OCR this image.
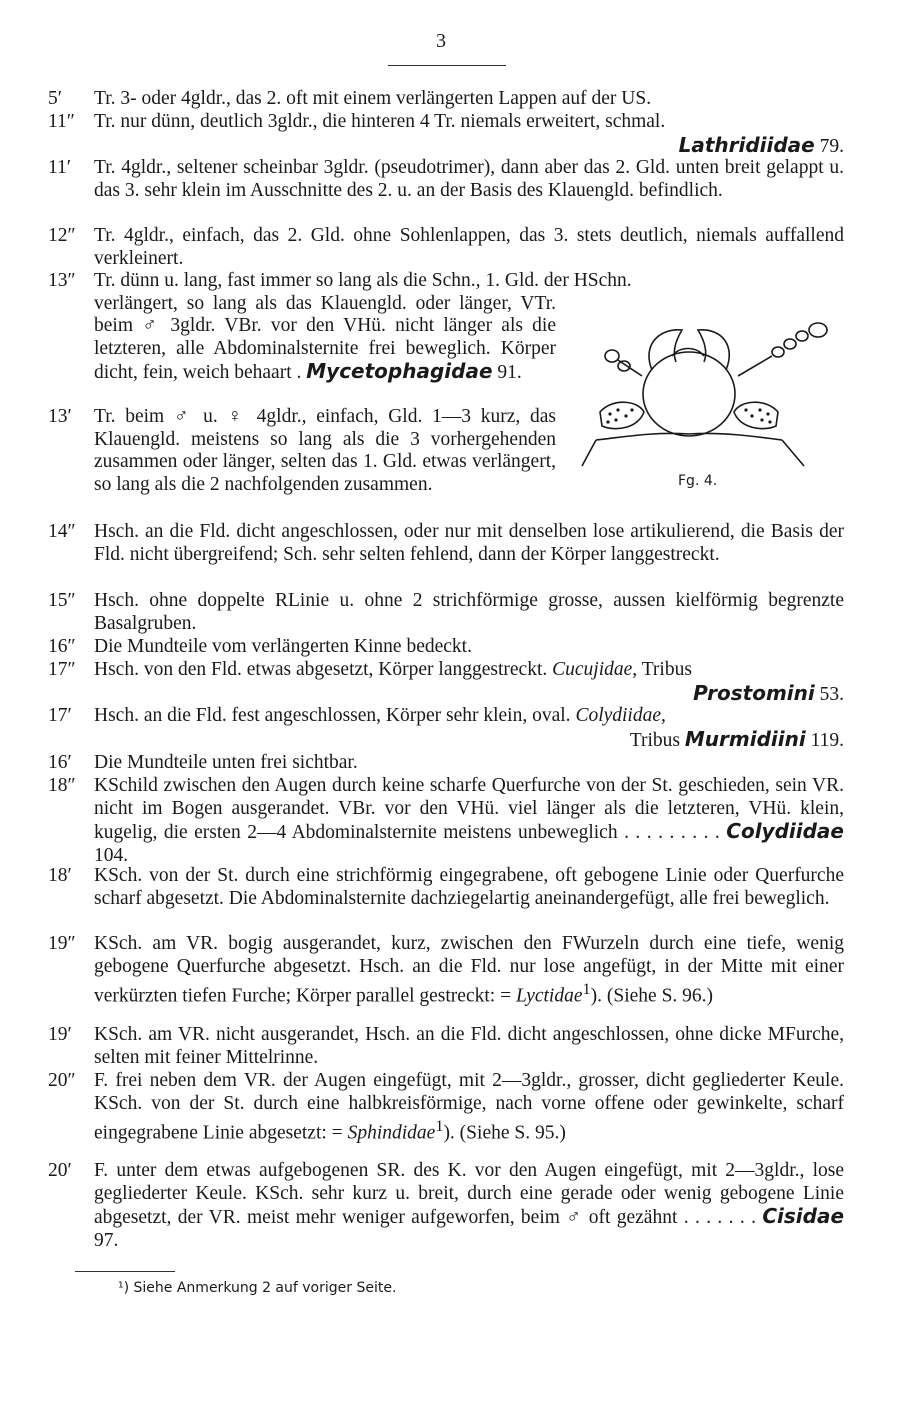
3
5′	Tr. 3- oder 4gldr., das 2. oft mit einem verlängerten Lappen auf der US.
11″ Tr. nur dünn, deutlich 3gldr., die hinteren 4 Tr. niemals erweitert, schmal.

Lathridiidae 79.

11′	Tr. 4gldr., seltener scheinbar 3gldr. (pseudotrimer), dann aber das 2. Gld. unten breit gelappt u. das 3. sehr klein im Ausschnitte des 2. u. an der Basis des Klauengld. befindlich.
12″ Tr. 4gldr., einfach, das 2. Gld. ohne Sohlenlappen, das 3. stets deutlich, niemals auffallend verkleinert.
13″ Tr. dünn u. lang, fast immer so lang als die Schn., 1. Gld. der HSchn.
verlängert, so lang als das Klauengld. oder länger, VTr. beim ♂ 3gldr. VBr. vor den VHü. nicht länger als die letzteren, alle Abdominalsternite frei beweglich. Körper dicht, fein, weich behaart . Mycetophagidae 91.
13′	Tr. beim ♂ u. ♀ 4gldr., einfach, Gld. 1—3 kurz, das Klauengld. meistens so lang als die 3 vorhergehenden zusammen oder länger, selten das 1. Gld. etwas verlängert, so lang als die 2 nachfolgenden zusammen.	Fg. 4.
14″ Hsch. an die Fld. dicht angeschlossen, oder nur mit denselben lose artikulierend, die Basis der Fld. nicht übergreifend; Sch. sehr selten fehlend, dann der Körper langgestreckt.
15″ Hsch. ohne doppelte RLinie u. ohne 2 strichförmige grosse, aussen kielförmig begrenzte Basalgruben.
16″ Die Mundteile vom verlängerten Kinne bedeckt.
17″ Hsch. von den Fld. etwas abgesetzt, Körper langgestreckt. Cucujidae, Tribus

Prostomini 53.

17′	Hsch. an die Fld. fest angeschlossen, Körper sehr klein, oval. Colydiidae,

Tribus Murmidiini 119.

16′	Die Mundteile unten frei sichtbar.
18″ KSchild zwischen den Augen durch keine scharfe Querfurche von der St. geschieden, sein VR. nicht im Bogen ausgerandet. VBr. vor den VHü. viel länger als die letzteren, VHü. klein, kugelig, die ersten 2—4 Abdominalsternite meistens unbeweglich . . . . . . . . . Colydiidae 104.
18′	KSch. von der St. durch eine strichförmig eingegrabene, oft gebogene Linie oder Querfurche scharf abgesetzt. Die Abdominalsternite dachziegelartig aneinandergefügt, alle frei beweglich.
19″ KSch. am VR. bogig ausgerandet, kurz, zwischen den FWurzeln durch eine tiefe, wenig gebogene Querfurche abgesetzt. Hsch. an die Fld. nur lose angefügt, in der Mitte mit einer verkürzten tiefen Furche; Körper parallel gestreckt: = Lyctidae$^1$). (Siehe S. 96.)
19′	KSch. am VR. nicht ausgerandet, Hsch. an die Fld. dicht angeschlossen, ohne dicke MFurche, selten mit feiner Mittelrinne.
20″ F. frei neben dem VR. der Augen eingefügt, mit 2—3gldr., grosser, dicht gegliederter Keule. KSch. von der St. durch eine halbkreisförmige, nach vorne offene oder gewinkelte, scharf eingegrabene Linie abgesetzt: = Sphindidae$^1$). (Siehe S. 95.)
20′	F. unter dem etwas aufgebogenen SR. des K. vor den Augen eingefügt, mit 2—3gldr., lose gegliederter Keule. KSch. sehr kurz u. breit, durch eine gerade oder wenig gebogene Linie abgesetzt, der VR. meist mehr weniger aufgeworfen, beim ♂ oft gezähnt . . . . . . . Cisidae 97.
¹) Siehe Anmerkung 2 auf voriger Seite.
